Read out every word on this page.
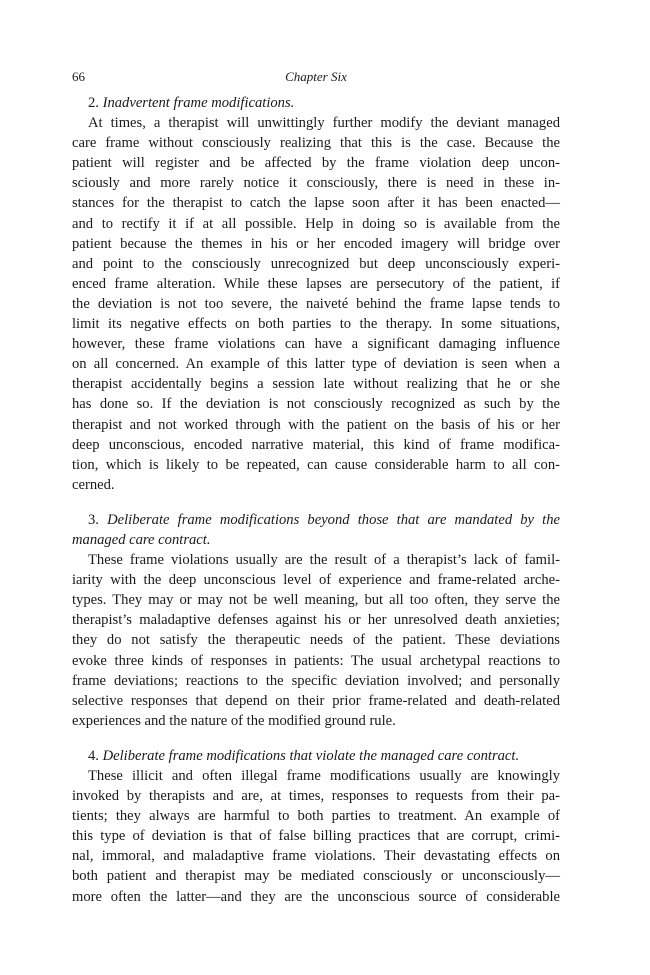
66	Chapter Six
2. Inadvertent frame modifications.
At times, a therapist will unwittingly further modify the deviant managed
care frame without consciously realizing that this is the case. Because the
patient will register and be affected by the frame violation deep uncon-
sciously and more rarely notice it consciously, there is need in these in-
stances for the therapist to catch the lapse soon after it has been enacted—
and to rectify it if at all possible. Help in doing so is available from the
patient because the themes in his or her encoded imagery will bridge over
and point to the consciously unrecognized but deep unconsciously experi-
enced frame alteration. While these lapses are persecutory of the patient, if
the deviation is not too severe, the naiveté behind the frame lapse tends to
limit its negative effects on both parties to the therapy. In some situations,
however, these frame violations can have a significant damaging influence
on all concerned. An example of this latter type of deviation is seen when a
therapist accidentally begins a session late without realizing that he or she
has done so. If the deviation is not consciously recognized as such by the
therapist and not worked through with the patient on the basis of his or her
deep unconscious, encoded narrative material, this kind of frame modifica-
tion, which is likely to be repeated, can cause considerable harm to all con-
cerned.
3. Deliberate frame modifications beyond those that are mandated by the
managed care contract.
These frame violations usually are the result of a therapist’s lack of famil-
iarity with the deep unconscious level of experience and frame-related arche-
types. They may or may not be well meaning, but all too often, they serve the
therapist’s maladaptive defenses against his or her unresolved death anxieties;
they do not satisfy the therapeutic needs of the patient. These deviations
evoke three kinds of responses in patients: The usual archetypal reactions to
frame deviations; reactions to the specific deviation involved; and personally
selective responses that depend on their prior frame-related and death-related
experiences and the nature of the modified ground rule.
4. Deliberate frame modifications that violate the managed care contract.
These illicit and often illegal frame modifications usually are knowingly
invoked by therapists and are, at times, responses to requests from their pa-
tients; they always are harmful to both parties to treatment. An example of
this type of deviation is that of false billing practices that are corrupt, crimi-
nal, immoral, and maladaptive frame violations. Their devastating effects on
both patient and therapist may be mediated consciously or unconsciously—
more often the latter—and they are the unconscious source of considerable
